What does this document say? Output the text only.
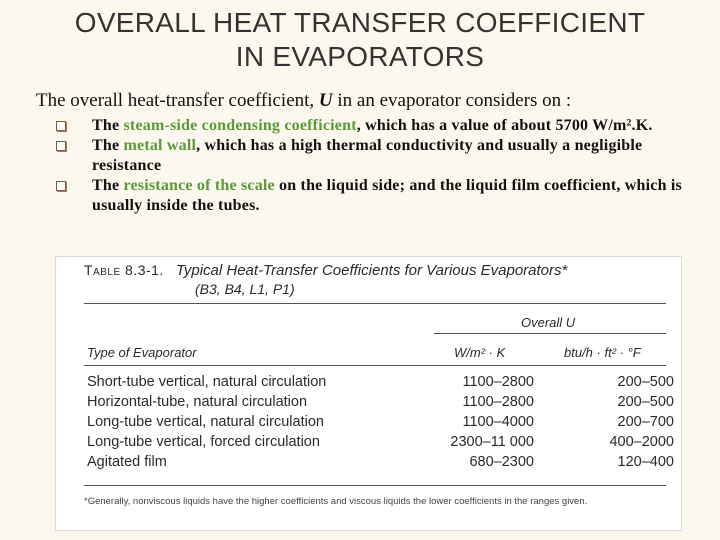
OVERALL HEAT TRANSFER COEFFICIENT
IN EVAPORATORS
The overall heat-transfer coefficient, U in an evaporator considers on :
The steam-side condensing coefficient, which has a value of about 5700 W/m².K.
The metal wall, which has a high thermal conductivity and usually a negligible resistance
The resistance of the scale on the liquid side; and the liquid film coefficient, which is usually inside the tubes.
Table 8.3-1. Typical Heat-Transfer Coefficients for Various Evaporators*
(B3, B4, L1, P1)
Overall U
Type of Evaporator	W/m² · K	btu/h · ft² · °F
Short-tube vertical, natural circulation	1100–2800	200–500
Horizontal-tube, natural circulation	1100–2800	200–500
Long-tube vertical, natural circulation	1100–4000	200–700
Long-tube vertical, forced circulation	2300–11 000	400–2000
Agitated film	680–2300	120–400
*Generally, nonviscous liquids have the higher coefficients and viscous liquids the lower coefficients in the ranges given.
